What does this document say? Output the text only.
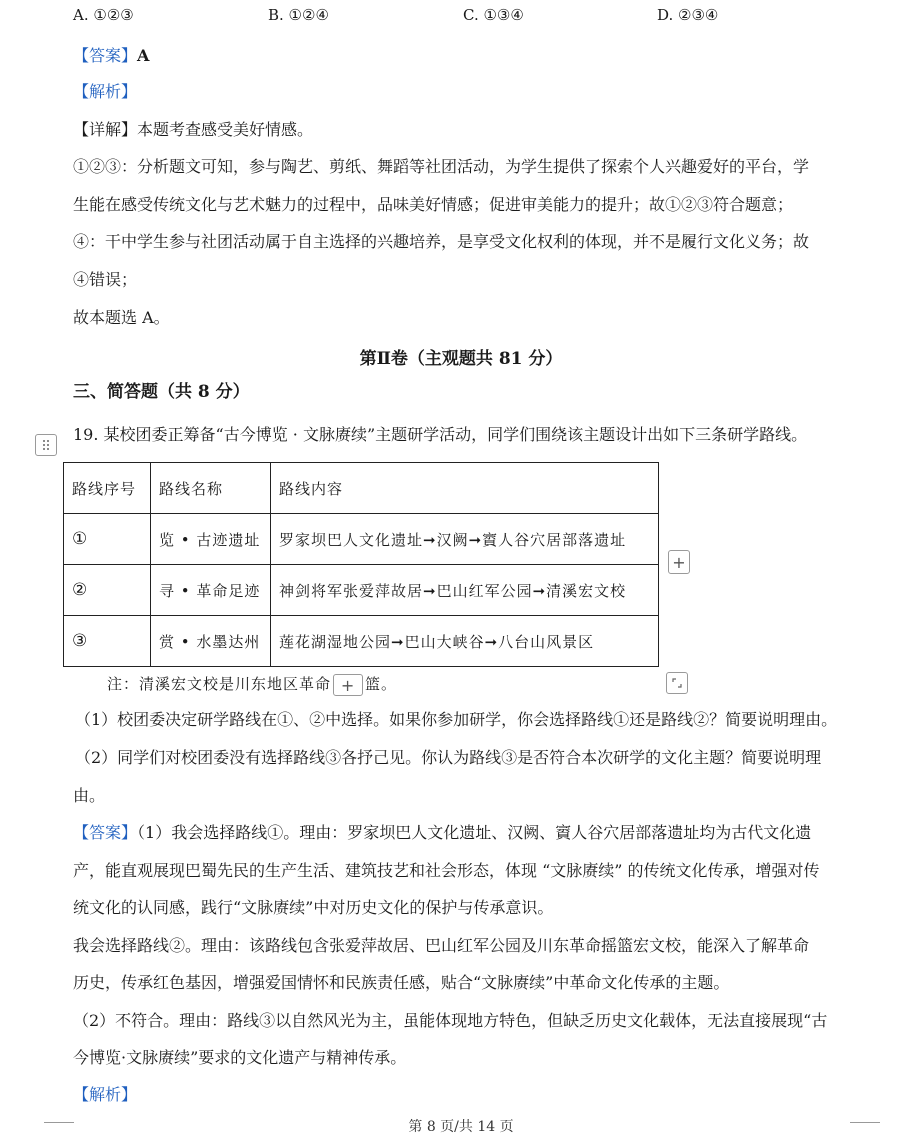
A. ①②③	B. ①②④	C. ①③④	D. ②③④
【答案】A
【解析】
【详解】本题考查感受美好情感。
①②③：分析题文可知，参与陶艺、剪纸、舞蹈等社团活动，为学生提供了探索个人兴趣爱好的平台，学
生能在感受传统文化与艺术魅力的过程中，品味美好情感；促进审美能力的提升；故①②③符合题意；
④：干中学生参与社团活动属于自主选择的兴趣培养，是享受文化权利的体现，并不是履行文化义务；故
④错误；
故本题选 A。
第Ⅱ卷（主观题共 81 分）
三、简答题（共 8 分）
19. 某校团委正筹备“古今博览 · 文脉赓续”主题研学活动，同学们围绕该主题设计出如下三条研学路线。
路线序号	路线名称	路线内容
①	览 • 古迹遗址	罗家坝巴人文化遗址➞汉阙➞賨人谷穴居部落遗址
②	寻 • 革命足迹	神剑将军张爱萍故居➞巴山红军公园➞清溪宏文校
③	赏 • 水墨达州	莲花湖湿地公园➞巴山大峡谷➞八台山风景区
+
注：清溪宏文校是川东地区革命 + 篮。
（1）校团委决定研学路线在①、②中选择。如果你参加研学，你会选择路线①还是路线②？简要说明理由。
（2）同学们对校团委没有选择路线③各抒己见。你认为路线③是否符合本次研学的文化主题？简要说明理
由。
【答案】（1）我会选择路线①。理由：罗家坝巴人文化遗址、汉阙、賨人谷穴居部落遗址均为古代文化遗
产，能直观展现巴蜀先民的生产生活、建筑技艺和社会形态，体现 “文脉赓续” 的传统文化传承，增强对传
统文化的认同感，践行“文脉赓续”中对历史文化的保护与传承意识。
我会选择路线②。理由：该路线包含张爱萍故居、巴山红军公园及川东革命摇篮宏文校，能深入了解革命
历史，传承红色基因，增强爱国情怀和民族责任感，贴合“文脉赓续”中革命文化传承的主题。
（2）不符合。理由：路线③以自然风光为主，虽能体现地方特色，但缺乏历史文化载体，无法直接展现“古
今博览·文脉赓续”要求的文化遗产与精神传承。
【解析】
第 8 页/共 14 页
